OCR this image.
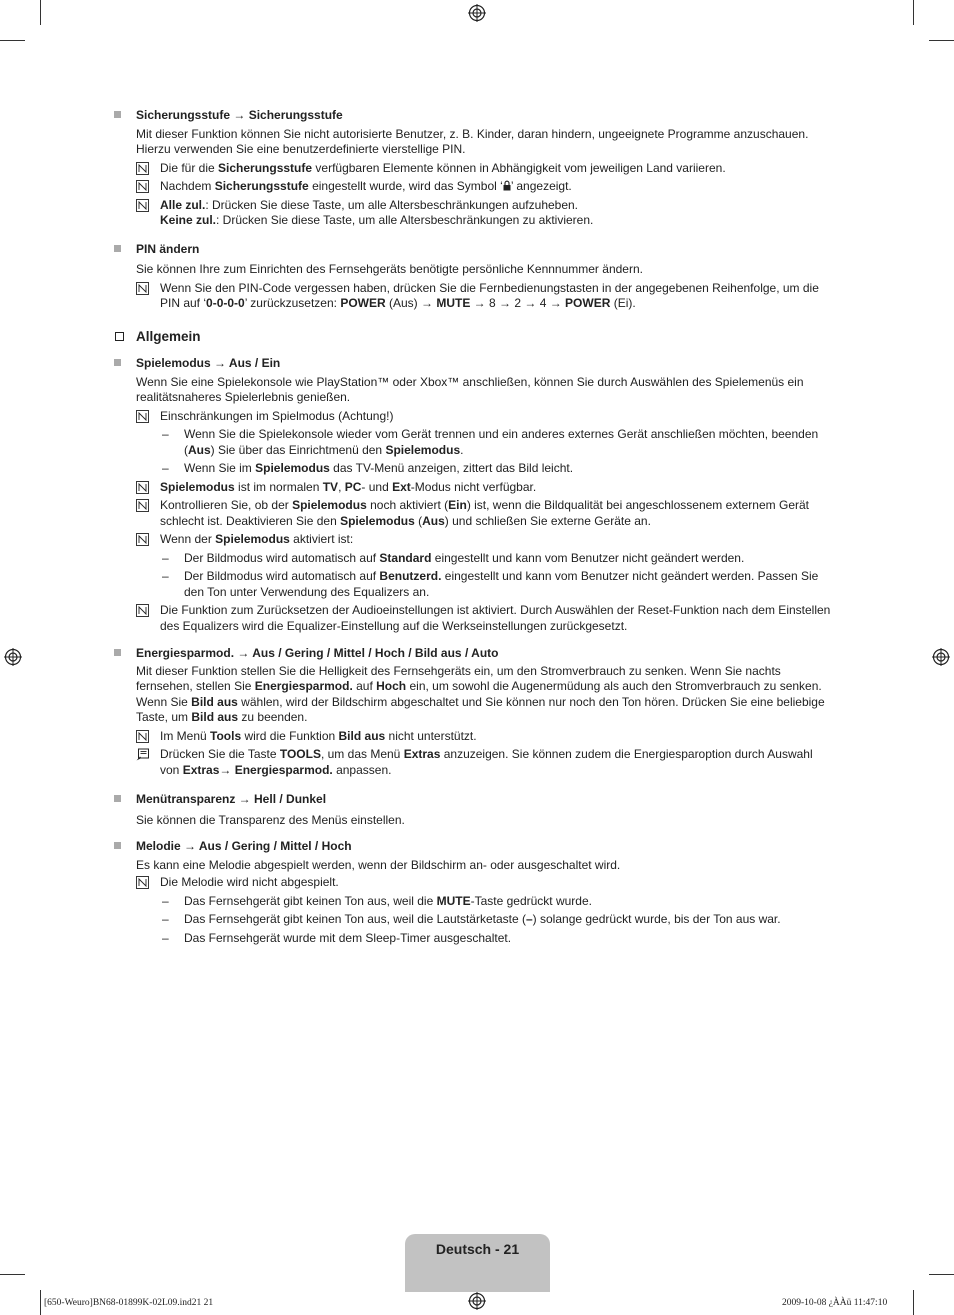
Sicherungsstufe → Sicherungsstufe
Mit dieser Funktion können Sie nicht autorisierte Benutzer, z. B. Kinder, daran hindern, ungeeignete Programme anzuschauen.
Hierzu verwenden Sie eine benutzerdefinierte vierstellige PIN.
Die für die Sicherungsstufe verfügbaren Elemente können in Abhängigkeit vom jeweiligen Land variieren.
Nachdem Sicherungsstufe eingestellt wurde, wird das Symbol ‘ ’ angezeigt.
Alle zul.: Drücken Sie diese Taste, um alle Altersbeschränkungen aufzuheben.
Keine zul.: Drücken Sie diese Taste, um alle Altersbeschränkungen zu aktivieren.
PIN ändern
Sie können Ihre zum Einrichten des Fernsehgeräts benötigte persönliche Kennnummer ändern.
Wenn Sie den PIN-Code vergessen haben, drücken Sie die Fernbedienungstasten in der angegebenen Reihenfolge, um die
PIN auf ‘0-0-0-0’ zurückzusetzen: POWER (Aus) → MUTE → 8 → 2 → 4 → POWER (Ei).
Allgemein
Spielemodus → Aus / Ein
Wenn Sie eine Spielekonsole wie PlayStation™ oder Xbox™ anschließen, können Sie durch Auswählen des Spielemenüs ein
realitätsnaheres Spielerlebnis genießen.
Einschränkungen im Spielmodus (Achtung!)
– Wenn Sie die Spielekonsole wieder vom Gerät trennen und ein anderes externes Gerät anschließen möchten, beenden
(Aus) Sie über das Einrichtmenü den Spielemodus.
– Wenn Sie im Spielemodus das TV-Menü anzeigen, zittert das Bild leicht.
Spielemodus ist im normalen TV, PC- und Ext-Modus nicht verfügbar.
Kontrollieren Sie, ob der Spielemodus noch aktiviert (Ein) ist, wenn die Bildqualität bei angeschlossenem externem Gerät
schlecht ist. Deaktivieren Sie den Spielemodus (Aus) und schließen Sie externe Geräte an.
Wenn der Spielemodus aktiviert ist:
– Der Bildmodus wird automatisch auf Standard eingestellt und kann vom Benutzer nicht geändert werden.
– Der Bildmodus wird automatisch auf Benutzerd. eingestellt und kann vom Benutzer nicht geändert werden. Passen Sie
den Ton unter Verwendung des Equalizers an.
Die Funktion zum Zurücksetzen der Audioeinstellungen ist aktiviert. Durch Auswählen der Reset-Funktion nach dem Einstellen
des Equalizers wird die Equalizer-Einstellung auf die Werkseinstellungen zurückgesetzt.
Energiesparmod. → Aus / Gering / Mittel / Hoch / Bild aus / Auto
Mit dieser Funktion stellen Sie die Helligkeit des Fernsehgeräts ein, um den Stromverbrauch zu senken. Wenn Sie nachts
fernsehen, stellen Sie Energiesparmod. auf Hoch ein, um sowohl die Augenermüdung als auch den Stromverbrauch zu senken.
Wenn Sie Bild aus wählen, wird der Bildschirm abgeschaltet und Sie können nur noch den Ton hören. Drücken Sie eine beliebige
Taste, um Bild aus zu beenden.
Im Menü Tools wird die Funktion Bild aus nicht unterstützt.
Drücken Sie die Taste TOOLS, um das Menü Extras anzuzeigen. Sie können zudem die Energiesparoption durch Auswahl
von Extras→ Energiesparmod. anpassen.
Menütransparenz → Hell / Dunkel
Sie können die Transparenz des Menüs einstellen.
Melodie → Aus / Gering / Mittel / Hoch
Es kann eine Melodie abgespielt werden, wenn der Bildschirm an- oder ausgeschaltet wird.
Die Melodie wird nicht abgespielt.
– Das Fernsehgerät gibt keinen Ton aus, weil die MUTE-Taste gedrückt wurde.
– Das Fernsehgerät gibt keinen Ton aus, weil die Lautstärketaste (–) solange gedrückt wurde, bis der Ton aus war.
– Das Fernsehgerät wurde mit dem Sleep-Timer ausgeschaltet.
Deutsch - 21
[650-Weuro]BN68-01899K-02L09.ind21 21	2009-10-08 ¿ÀÀü 11:47:10
